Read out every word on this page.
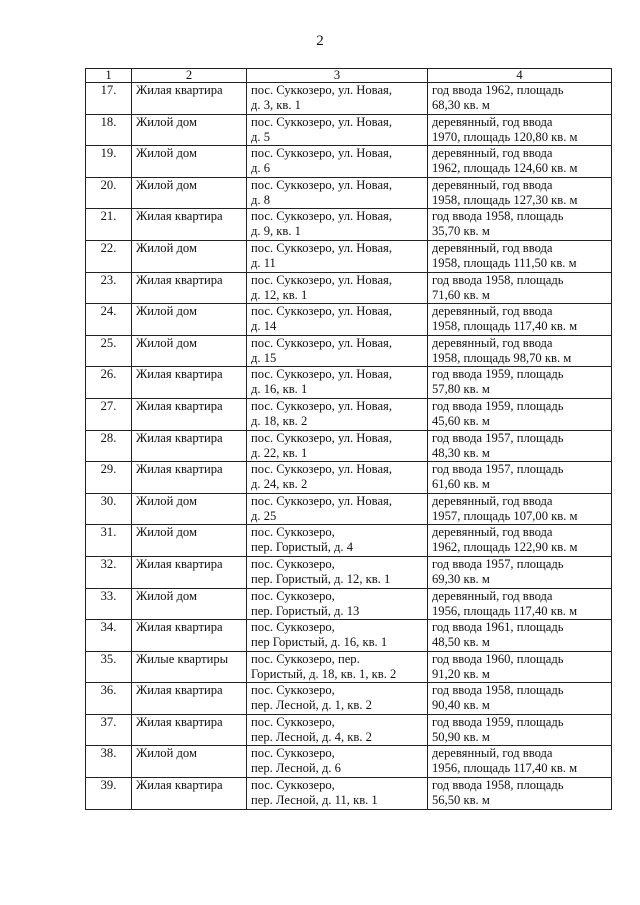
2
1	2	3	4
17.	Жилая квартира	пос. Суккозеро, ул. Новая,
д. 3, кв. 1	год ввода 1962, площадь
68,30 кв. м

18.	Жилой дом	пос. Суккозеро, ул. Новая,
д. 5	деревянный, год ввода
1970, площадь 120,80 кв. м

19.	Жилой дом	пос. Суккозеро, ул. Новая,
д. 6	деревянный, год ввода
1962, площадь 124,60 кв. м

20.	Жилой дом	пос. Суккозеро, ул. Новая,
д. 8	деревянный, год ввода
1958, площадь 127,30 кв. м

21.	Жилая квартира	пос. Суккозеро, ул. Новая,
д. 9, кв. 1	год ввода 1958, площадь
35,70 кв. м

22.	Жилой дом	пос. Суккозеро, ул. Новая,
д. 11	деревянный, год ввода
1958, площадь 111,50 кв. м

23.	Жилая квартира	пос. Суккозеро, ул. Новая,
д. 12, кв. 1	год ввода 1958, площадь
71,60 кв. м

24.	Жилой дом	пос. Суккозеро, ул. Новая,
д. 14	деревянный, год ввода
1958, площадь 117,40 кв. м

25.	Жилой дом	пос. Суккозеро, ул. Новая,
д. 15	деревянный, год ввода
1958, площадь 98,70 кв. м

26.	Жилая квартира	пос. Суккозеро, ул. Новая,
д. 16, кв. 1	год ввода 1959, площадь
57,80 кв. м

27.	Жилая квартира	пос. Суккозеро, ул. Новая,
д. 18, кв. 2	год ввода 1959, площадь
45,60 кв. м

28.	Жилая квартира	пос. Суккозеро, ул. Новая,
д. 22, кв. 1	год ввода 1957, площадь
48,30 кв. м

29.	Жилая квартира	пос. Суккозеро, ул. Новая,
д. 24, кв. 2	год ввода 1957, площадь
61,60 кв. м

30.	Жилой дом	пос. Суккозеро, ул. Новая,
д. 25	деревянный, год ввода
1957, площадь 107,00 кв. м

31.	Жилой дом	пос. Суккозеро,
пер. Гористый, д. 4	деревянный, год ввода
1962, площадь 122,90 кв. м

32.	Жилая квартира	пос. Суккозеро,
пер. Гористый, д. 12, кв. 1	год ввода 1957, площадь
69,30 кв. м

33.	Жилой дом	пос. Суккозеро,
пер. Гористый, д. 13	деревянный, год ввода
1956, площадь 117,40 кв. м

34.	Жилая квартира	пос. Суккозеро,
пер Гористый, д. 16, кв. 1	год ввода 1961, площадь
48,50 кв. м

35.	Жилые квартиры	пос. Суккозеро, пер.
Гористый, д. 18, кв. 1, кв. 2	год ввода 1960, площадь
91,20 кв. м

36.	Жилая квартира	пос. Суккозеро,
пер. Лесной, д. 1, кв. 2	год ввода 1958, площадь
90,40 кв. м

37.	Жилая квартира	пос. Суккозеро,
пер. Лесной, д. 4, кв. 2	год ввода 1959, площадь
50,90 кв. м

38.	Жилой дом	пос. Суккозеро,
пер. Лесной, д. 6	деревянный, год ввода
1956, площадь 117,40 кв. м

39.	Жилая квартира	пос. Суккозеро,
пер. Лесной, д. 11, кв. 1	год ввода 1958, площадь
56,50 кв. м
